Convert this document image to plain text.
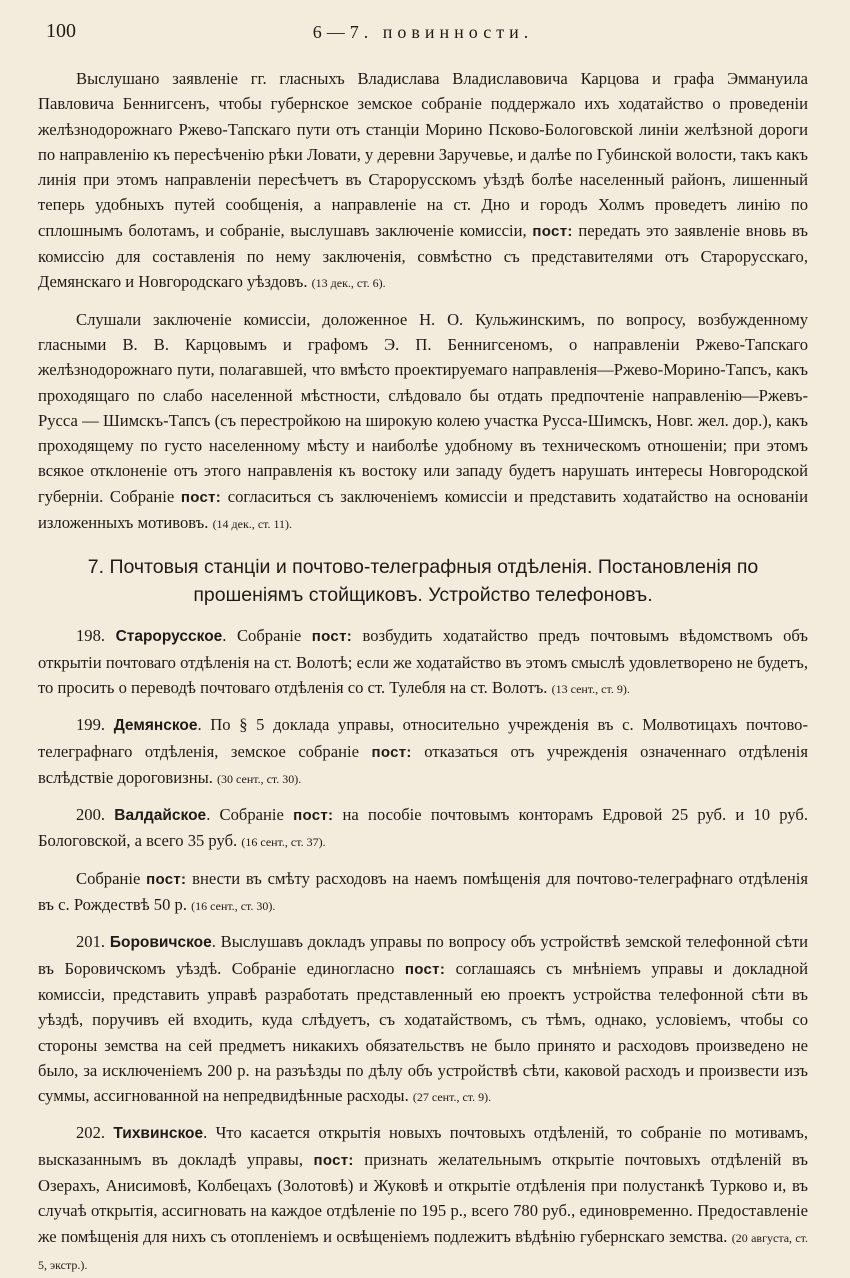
100	6—7. повинности.

Выслушано заявленіе гг. гласныхъ Владислава Владиславовича Карцова и графа Эммануила Павловича Беннигсенъ, чтобы губернское земское собраніе поддержало ихъ ходатайство о проведеніи желѣзнодорожнаго Ржево-Тапскаго пути отъ станціи Морино Псково-Бологовской линіи желѣзной дороги по направленію къ пересѣченію рѣки Ловати, у деревни Заручевье, и далѣе по Губинской волости, такъ какъ линія при этомъ направленіи пересѣчетъ въ Старорусскомъ уѣздѣ болѣе населенный районъ, лишенный теперь удобныхъ путей сообщенія, а направленіе на ст. Дно и городъ Холмъ проведетъ линію по сплошнымъ болотамъ, и собраніе, выслушавъ заключеніе комиссіи, пост: передать это заявленіе вновь въ комиссію для составленія по нему заключенія, совмѣстно съ представителями отъ Старорусскаго, Демянскаго и Новгородскаго уѣздовъ. (13 дек., ст. 6).

Слушали заключеніе комиссіи, доложенное Н. О. Кульжинскимъ, по вопросу, возбужденному гласными В. В. Карцовымъ и графомъ Э. П. Беннигсеномъ, о направленіи Ржево-Тапскаго желѣзнодорожнаго пути, полагавшей, что вмѣсто проектируемаго направленія—Ржево-Морино-Тапсъ, какъ проходящаго по слабо населенной мѣстности, слѣдовало бы отдать предпочтеніе направленію—Ржевъ-Русса — Шимскъ-Тапсъ (съ перестройкою на широкую колею участка Русса-Шимскъ, Новг. жел. дор.), какъ проходящему по густо населенному мѣсту и наиболѣе удобному въ техническомъ отношеніи; при этомъ всякое отклоненіе отъ этого направленія къ востоку или западу будетъ нарушать интересы Новгородской губерніи. Собраніе пост: согласиться съ заключеніемъ комиссіи и представить ходатайство на основаніи изложенныхъ мотивовъ. (14 дек., ст. 11).

7. Почтовыя станціи и почтово-телеграфныя отдѣленія. Постановленія по прошеніямъ стойщиковъ. Устройство телефоновъ.

198. Старорусское. Собраніе пост: возбудить ходатайство предъ почтовымъ вѣдомствомъ объ открытіи почтоваго отдѣленія на ст. Волотѣ; если же ходатайство въ этомъ смыслѣ удовлетворено не будетъ, то просить о переводѣ почтоваго отдѣленія со ст. Тулебля на ст. Волотъ. (13 сент., ст. 9).

199. Демянское. По § 5 доклада управы, относительно учрежденія въ с. Молвотицахъ почтово-телеграфнаго отдѣленія, земское собраніе пост: отказаться отъ учрежденія означеннаго отдѣленія вслѣдствіе дороговизны. (30 сент., ст. 30).

200. Валдайское. Собраніе пост: на пособіе почтовымъ конторамъ Едровой 25 руб. и 10 руб. Бологовской, а всего 35 руб. (16 сент., ст. 37).

Собраніе пост: внести въ смѣту расходовъ на наемъ помѣщенія для почтово-телеграфнаго отдѣленія въ с. Рождествѣ 50 р. (16 сент., ст. 30).

201. Боровичское. Выслушавъ докладъ управы по вопросу объ устройствѣ земской телефонной сѣти въ Боровичскомъ уѣздѣ. Собраніе единогласно пост: соглашаясь съ мнѣніемъ управы и докладной комиссіи, представить управѣ разработать представленный ею проектъ устройства телефонной сѣти въ уѣздѣ, поручивъ ей входить, куда слѣдуетъ, съ ходатайствомъ, съ тѣмъ, однако, условіемъ, чтобы со стороны земства на сей предметъ никакихъ обязательствъ не было принято и расходовъ произведено не было, за исключеніемъ 200 р. на разъѣзды по дѣлу объ устройствѣ сѣти, каковой расходъ и произвести изъ суммы, ассигнованной на непредвидѣнные расходы. (27 сент., ст. 9).

202. Тихвинское. Что касается открытія новыхъ почтовыхъ отдѣленій, то собраніе по мотивамъ, высказаннымъ въ докладѣ управы, пост: признать желательнымъ открытіе почтовыхъ отдѣленій въ Озерахъ, Анисимовѣ, Колбецахъ (Золотовѣ) и Жуковѣ и открытіе отдѣленія при полустанкѣ Турково и, въ случаѣ открытія, ассигновать на каждое отдѣленіе по 195 р., всего 780 руб., единовременно. Предоставленіе же помѣщенія для нихъ съ отопленіемъ и освѣщеніемъ подлежитъ вѣдѣнію губернскаго земства. (20 августа, ст. 5, экстр.).
